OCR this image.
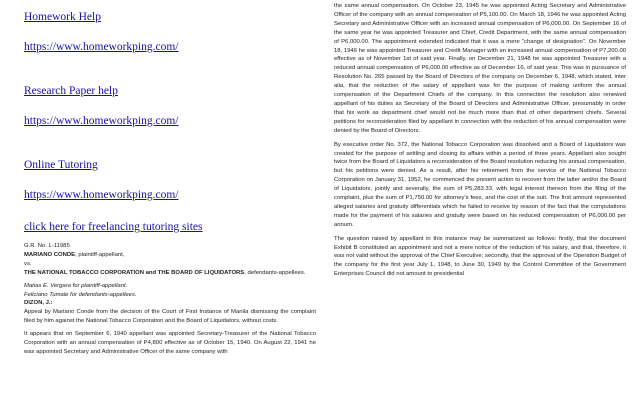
Homework Help
https://www.homeworkping.com/
Research Paper help
https://www.homeworkping.com/
Online Tutoring
https://www.homeworkping.com/
click here for freelancing tutoring sites

G.R. No. L-11985

MARIANO CONDE, plaintiff-appellant,

vs.

THE NATIONAL TOBACCO CORPORATION and THE BOARD OF LIQUIDATORS, defendants-appellees.

Matias E. Vergara for plaintiff-appellant.

Feliciano Tumale for defendants-appellees.

DIZON, J.:

Appeal by Mariano Conde from the decision of the Court of First Instance of Manila dismissing the complaint filed by him against the National Tobacco Corporation and the Board of Liquidators, without costs.

It appears that on September 6, 1940 appellant was appointed Secretary-Treasurer of the National Tobacco Corporation with an annual compensation of P4,800 effective as of October 15, 1940. On August 22, 1941 he was appointed Secretary and Administrative Officer of the same company with

the same annual compensation. On October 23, 1945 he was appointed Acting Secretary and Administrative Officer of the company with an annual compensation of P5,100.00. On March 18, 1946 he was appointed Acting Secretary and Administrative Officer with an increased annual compensation of P6,000.00. On September 16 of the same year he was appointed Treasurer and Chief, Credit Department, with the same annual compensation of P6,000.00. The appointment extended indicated that it was a mere "change of designation". On November 18, 1946 he was appointed Treasurer and Credit Manager with an increased annual compensation of P7,200.00 effective as of November 1st of said year. Finally, on December 21, 1948 he was appointed Treasurer with a reduced annual compensation of P6,000.00 effective as of December 16, of said year. This was in pursuance of Resolution No. 265 passed by the Board of Directors of the company on December 6, 1948, which stated, inter alia, that the reduction of the salary of appellant was for the purpose of making uniform the annual compensation of the Department Chiefs of the company. In this connection the resolution also renewed appellant of his duties as Secretary of the Board of Directors and Administrative Officer, presumably in order that his work as department chief would not be much more than that of other department chiefs. Several petitions for reconsideration filed by appellant in connection with the reduction of his annual compensation were denied by the Board of Directors.

By executive order No. 372, the National Tobacco Corporation was dissolved and a Board of Liquidators was created for the purpose of settling and closing its affairs within a period of three years. Appellant also sought twice from the Board of Liquidators a reconsideration of the Board resolution reducing his annual compensation, but his petitions were denied. As a result, after his retirement from the service of the National Tobacco Corporation on January 31, 1952, he commenced the present action to recover from the latter and/or the Board of Liquidators, jointly and severally, the sum of P5,283.33, with legal interest thereon from the filing of the complaint, plus the sum of P1,750.00 for attorney's fees, and the cost of the suit. The first amount represented alleged salaries and gratuity differentials which he failed to receive by reason of the fact that the computations made for the payment of his salaries and gratuity were based on his reduced compensation of P6,000.00 per annum.

The question raised by appellant in this instance may be summarized as follows: firstly, that the document Exhibit B constituted an appointment and not a mere notice of the reduction of his salary, and that, therefore, it was not valid without the approval of the Chief Executive; secondly, that the approval of the Operation Budget of the company for the first year July 1, 1948, to June 30, 1949 by the Control Committee of the Government Enterprises Council did not amount to presidential
